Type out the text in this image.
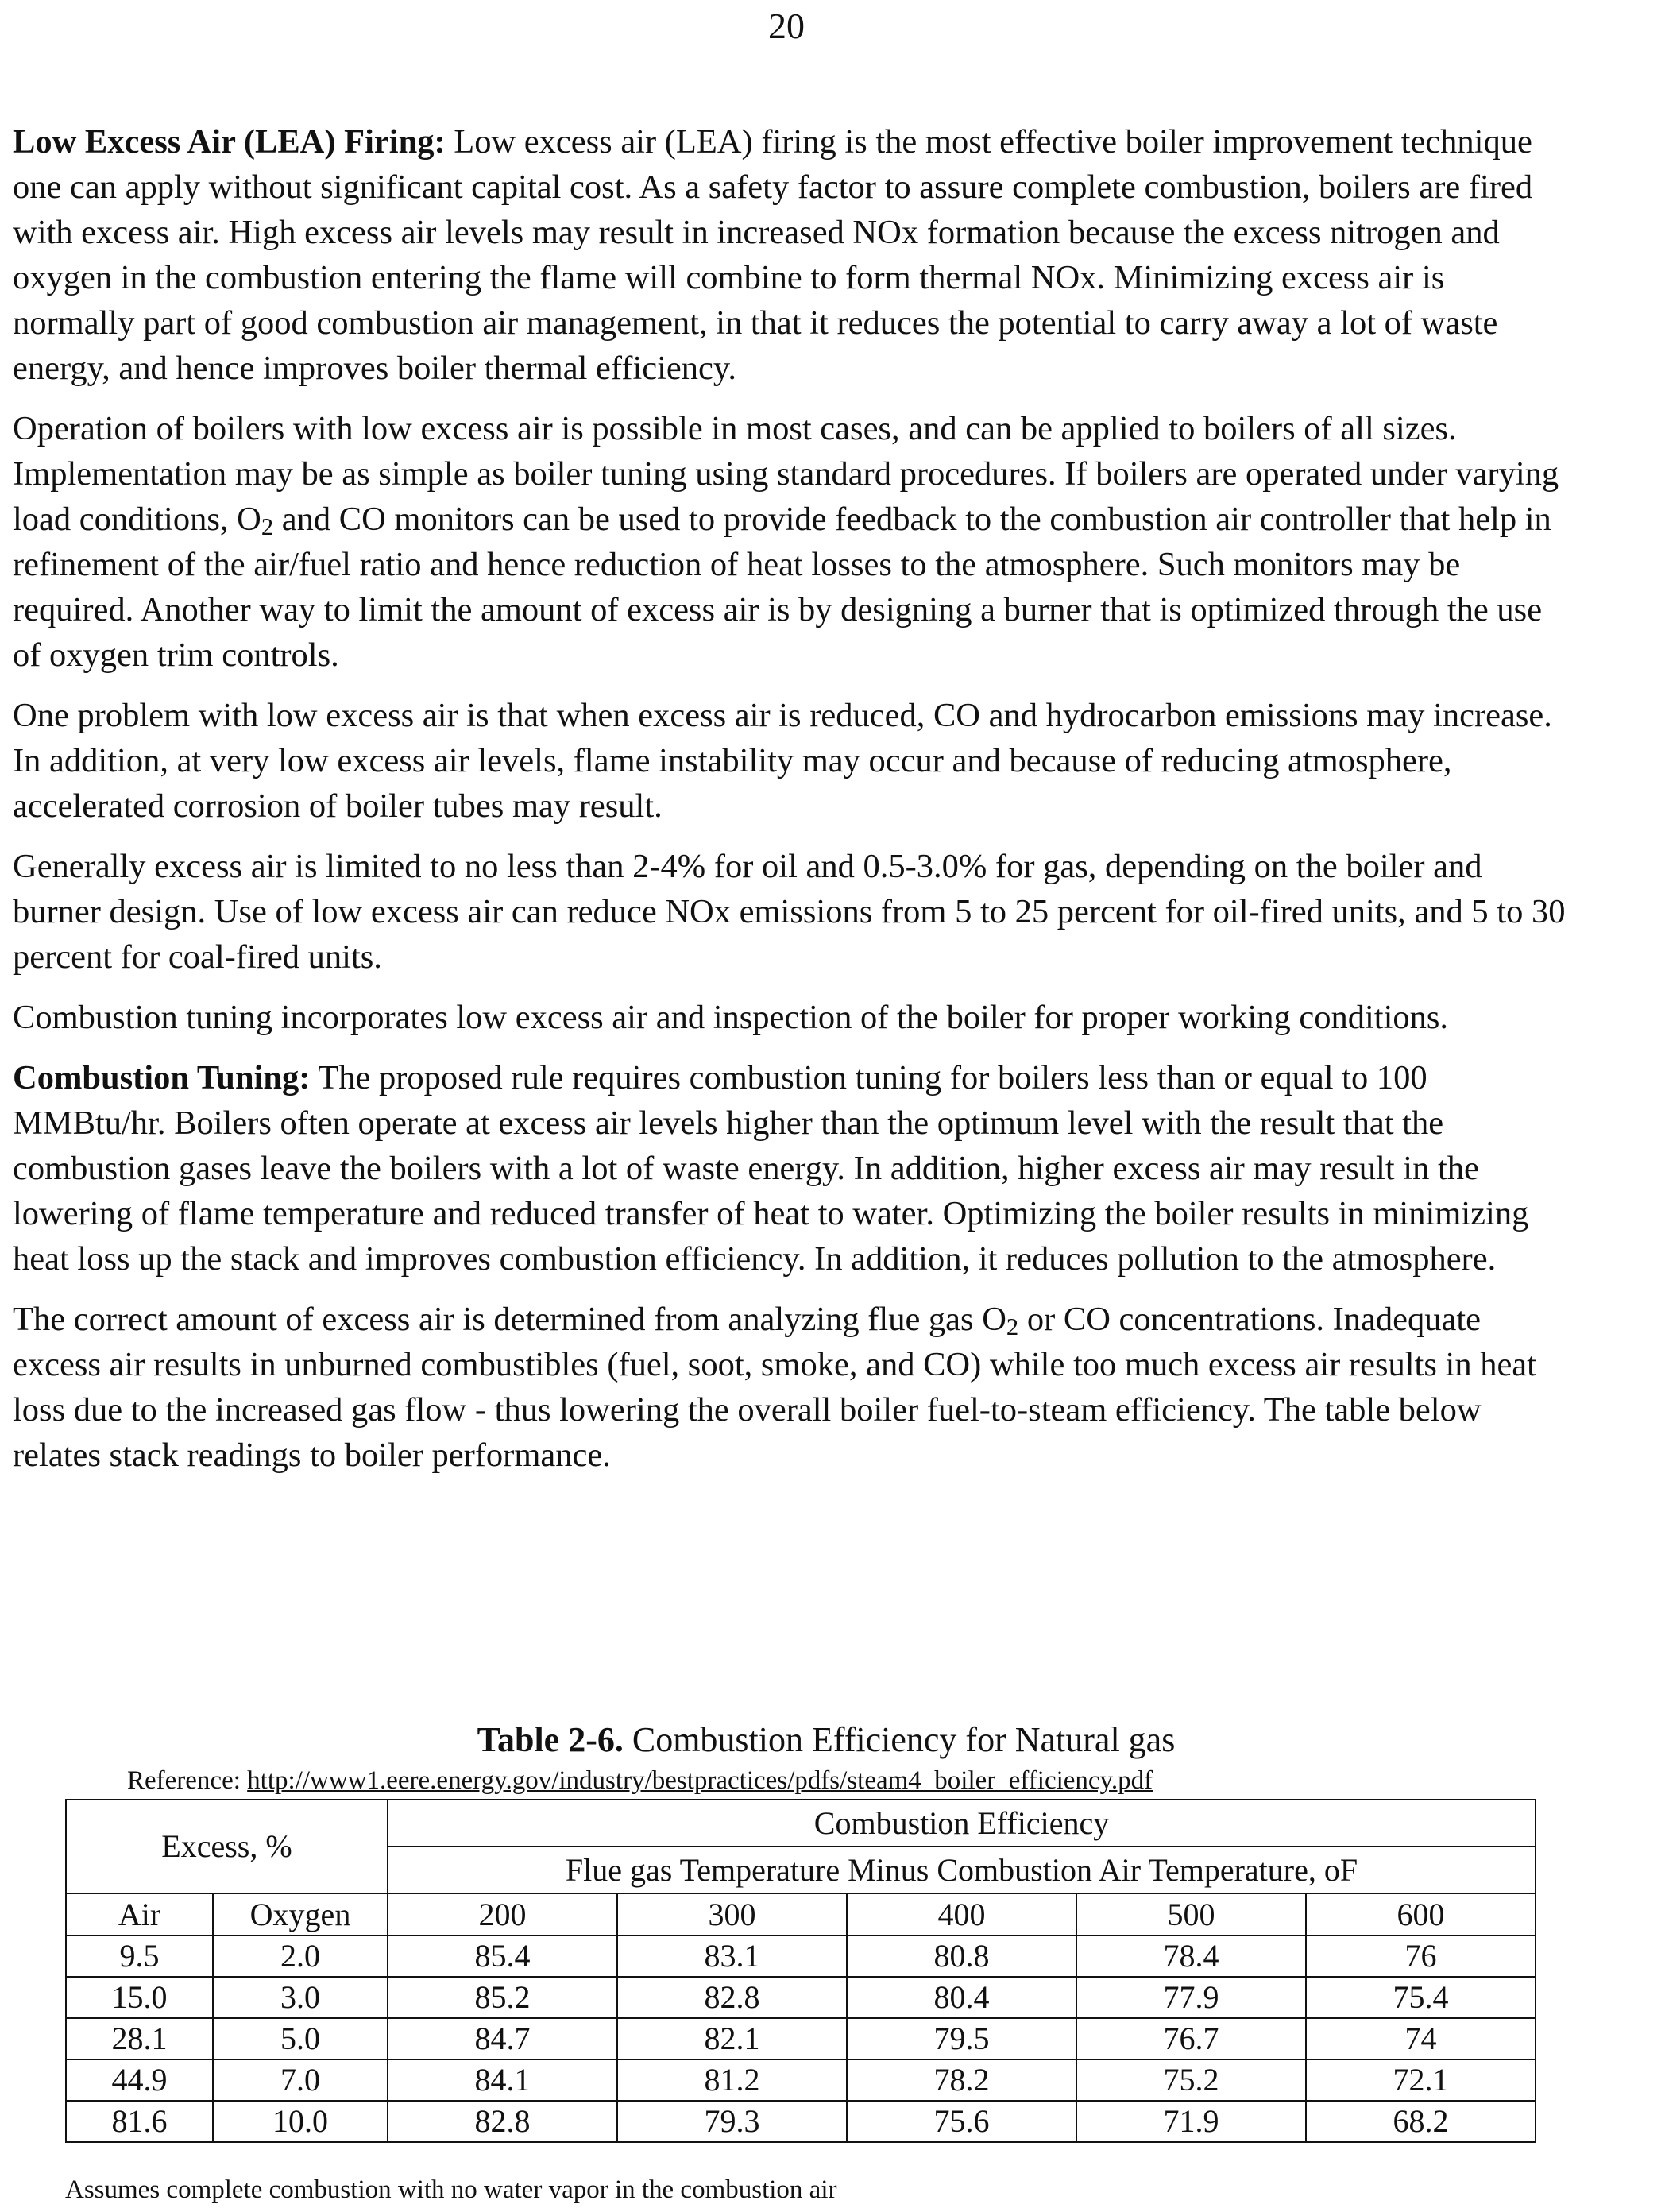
20

Low Excess Air (LEA) Firing: Low excess air (LEA) firing is the most effective boiler improvement technique one can apply without significant capital cost. As a safety factor to assure complete combustion, boilers are fired with excess air. High excess air levels may result in increased NOx formation because the excess nitrogen and oxygen in the combustion entering the flame will combine to form thermal NOx. Minimizing excess air is normally part of good combustion air management, in that it reduces the potential to carry away a lot of waste energy, and hence improves boiler thermal efficiency.

Operation of boilers with low excess air is possible in most cases, and can be applied to boilers of all sizes. Implementation may be as simple as boiler tuning using standard procedures. If boilers are operated under varying load conditions, $O_2$ and CO monitors can be used to provide feedback to the combustion air controller that help in refinement of the air/fuel ratio and hence reduction of heat losses to the atmosphere. Such monitors may be required. Another way to limit the amount of excess air is by designing a burner that is optimized through the use of oxygen trim controls.

One problem with low excess air is that when excess air is reduced, CO and hydrocarbon emissions may increase. In addition, at very low excess air levels, flame instability may occur and because of reducing atmosphere, accelerated corrosion of boiler tubes may result.

Generally excess air is limited to no less than 2-4% for oil and 0.5-3.0% for gas, depending on the boiler and burner design. Use of low excess air can reduce NOx emissions from 5 to 25 percent for oil-fired units, and 5 to 30 percent for coal-fired units.

Combustion tuning incorporates low excess air and inspection of the boiler for proper working conditions.

Combustion Tuning: The proposed rule requires combustion tuning for boilers less than or equal to 100 MMBtu/hr. Boilers often operate at excess air levels higher than the optimum level with the result that the combustion gases leave the boilers with a lot of waste energy. In addition, higher excess air may result in the lowering of flame temperature and reduced transfer of heat to water. Optimizing the boiler results in minimizing heat loss up the stack and improves combustion efficiency. In addition, it reduces pollution to the atmosphere.

The correct amount of excess air is determined from analyzing flue gas $O_2$ or CO concentrations. Inadequate excess air results in unburned combustibles (fuel, soot, smoke, and CO) while too much excess air results in heat loss due to the increased gas flow - thus lowering the overall boiler fuel-to-steam efficiency. The table below relates stack readings to boiler performance.

Table 2-6. Combustion Efficiency for Natural gas
Reference: http://www1.eere.energy.gov/industry/bestpractices/pdfs/steam4_boiler_efficiency.pdf
Excess, %		Combustion Efficiency				
		Flue gas Temperature Minus Combustion Air Temperature, oF				
Air	Oxygen	200	300	400	500	600
9.5	2.0	85.4	83.1	80.8	78.4	76
15.0	3.0	85.2	82.8	80.4	77.9	75.4
28.1	5.0	84.7	82.1	79.5	76.7	74
44.9	7.0	84.1	81.2	78.2	75.2	72.1
81.6	10.0	82.8	79.3	75.6	71.9	68.2
Assumes complete combustion with no water vapor in the combustion air
